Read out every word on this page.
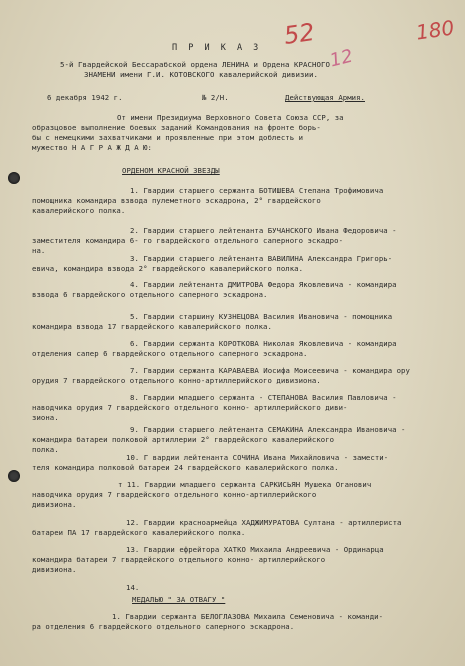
52	180
12
П Р И К А З
5-й Гвардейской Бессарабской ордена ЛЕНИНА и Ордена КРАСНОГО
ЗНАМЕНИ имени Г.И. КОТОВСКОГО кавалерийской дивизии.
6 декабря 1942 г.	№ 2/Н.	Действующая Армия.
От имени Президиума Верховного Совета Союза ССР, за
образцовое выполнение боевых заданий Командования на фронте борь-
бы с немецкими захватчиками и проявленные при этом доблесть и
мужество Н А Г Р А Ж Д А Ю:
ОРДЕНОМ КРАСНОЙ ЗВЕЗДЫ
1. Гвардии старшего сержанта БОТИШЕВА Степана Трофимовича
помощника командира взвода пулеметного эскадрона, 2° гвардейского
кавалерийского полка.
2. Гвардии старшего лейтенанта БУЧАНСКОГО Ивана Федоровича -
заместителя командира 6- го гвардейского отдельного саперного эскадро-
на.
3. Гвардии старшего лейтенанта ВАВИЛИНА Александра Григорь-
евича, командира взвода 2° гвардейского кавалерийского полка.
4. Гвардии лейтенанта ДМИТРОВА Федора Яковлевича - командира
взвода 6 гвардейского отдельного саперного эскадрона.
5. Гвардии старшину КУЗНЕЦОВА Василия Ивановича - помощника
командира взвода 17 гвардейского кавалерийского полка.
6. Гвардии сержанта КОРОТКОВА Николая Яковлевича - командира
отделения сапер 6 гвардейского отдельного саперного эскадрона.
7. Гвардии сержанта КАРАВАЕВА Иосифа Моисеевича - командира ору
орудия 7 гвардейского отдельного конно-артиллерийского дивизиона.
8. Гвардии младшего сержанта - СТЕПАНОВА Василия Павловича -
наводчика орудия 7 гвардейского отдельного конно- артиллерийского диви-
зиона.
9. Гвардии старшего лейтенанта СЕМАКИНА Александра Ивановича -
командира батареи полковой артиллерии 2° гвардейского кавалерийского
полка.
10. Г вардии лейтенанта СОЧИНА Ивана Михайловича - замести-
теля командира полковой батареи 24 гвардейского кавалерийского полка.
т 11. Гвардии младшего сержанта САРКИСЬЯН Мушека Оганович
наводчика орудия 7 гвардейского отдельного конно-артиллерийского
дивизиона.
12. Гвардии красноармейца ХАДЖИМУРАТОВА Султана - артиллериста
батареи ПА 17 гвардейского кавалерийского полка.
13. Гвардии ефрейтора ХАТКО Михаила Андреевича - Ординарца
командира батареи 7 гвардейского отдельного конно- артиллерийского
дивизиона.
14.
МЕДАЛЬЮ " ЗА ОТВАГУ "
1. Гвардии сержанта БЕЛОГЛАЗОВА Михаила Семеновича - команди-
ра отделения 6 гвардейского отдельного саперного эскадрона.
